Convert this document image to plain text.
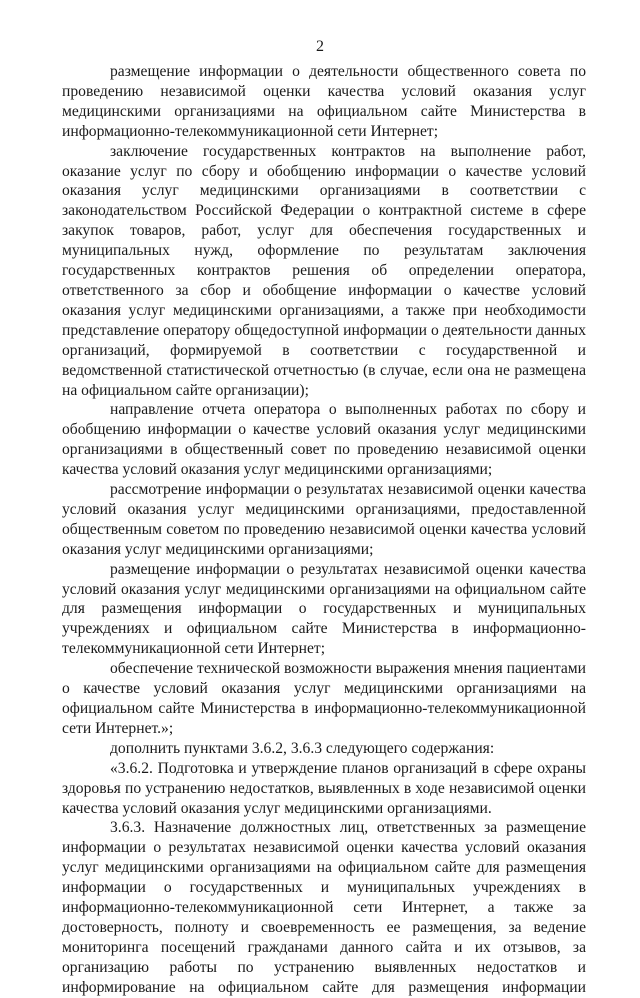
2

размещение информации о деятельности общественного совета по проведению независимой оценки качества условий оказания услуг медицинскими организациями на официальном сайте Министерства в информационно-телекоммуникационной сети Интернет;

заключение государственных контрактов на выполнение работ, оказание услуг по сбору и обобщению информации о качестве условий оказания услуг медицинскими организациями в соответствии с законодательством Российской Федерации о контрактной системе в сфере закупок товаров, работ, услуг для обеспечения государственных и муниципальных нужд, оформление по результатам заключения государственных контрактов решения об определении оператора, ответственного за сбор и обобщение информации о качестве условий оказания услуг медицинскими организациями, а также при необходимости представление оператору общедоступной информации о деятельности данных организаций, формируемой в соответствии с государственной и ведомственной статистической отчетностью (в случае, если она не размещена на официальном сайте организации);

направление отчета оператора о выполненных работах по сбору и обобщению информации о качестве условий оказания услуг медицинскими организациями в общественный совет по проведению независимой оценки качества условий оказания услуг медицинскими организациями;

рассмотрение информации о результатах независимой оценки качества условий оказания услуг медицинскими организациями, предоставленной общественным советом по проведению независимой оценки качества условий оказания услуг медицинскими организациями;

размещение информации о результатах независимой оценки качества условий оказания услуг медицинскими организациями на официальном сайте для размещения информации о государственных и муниципальных учреждениях и официальном сайте Министерства в информационно-телекоммуникационной сети Интернет;

обеспечение технической возможности выражения мнения пациентами о качестве условий оказания услуг медицинскими организациями на официальном сайте Министерства в информационно-телекоммуникационной сети Интернет.»;

дополнить пунктами 3.6.2, 3.6.3 следующего содержания:

«3.6.2. Подготовка и утверждение планов организаций в сфере охраны здоровья по устранению недостатков, выявленных в ходе независимой оценки качества условий оказания услуг медицинскими организациями.

3.6.3. Назначение должностных лиц, ответственных за размещение информации о результатах независимой оценки качества условий оказания услуг медицинскими организациями на официальном сайте для размещения информации о государственных и муниципальных учреждениях в информационно-телекоммуникационной сети Интернет, а также за достоверность, полноту и своевременность ее размещения, за ведение мониторинга посещений гражданами данного сайта и их отзывов, за организацию работы по устранению выявленных недостатков и информирование на официальном сайте для размещения информации
